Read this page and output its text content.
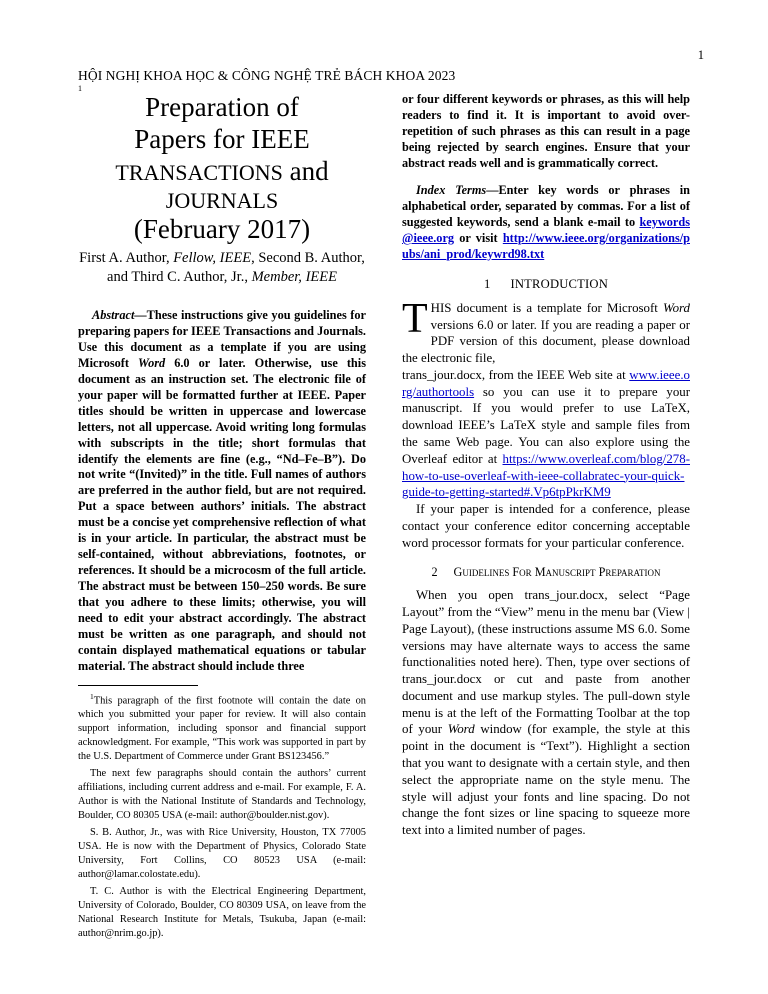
1
HỘI NGHỊ KHOA HỌC & CÔNG NGHỆ TRẺ BÁCH KHOA 2023
1
Preparation of
Papers for IEEE
TRANSACTIONS and
JOURNALS
(February 2017)
First A. Author, Fellow, IEEE, Second B. Author, and Third C. Author, Jr., Member, IEEE
Abstract—These instructions give you guidelines for preparing papers for IEEE Transactions and Journals. Use this document as a template if you are using Microsoft Word 6.0 or later. Otherwise, use this document as an instruction set. The electronic file of your paper will be formatted further at IEEE. Paper titles should be written in uppercase and lowercase letters, not all uppercase. Avoid writing long formulas with subscripts in the title; short formulas that identify the elements are fine (e.g., “Nd–Fe–B”). Do not write “(Invited)” in the title. Full names of authors are preferred in the author field, but are not required. Put a space between authors’ initials. The abstract must be a concise yet comprehensive reflection of what is in your article. In particular, the abstract must be self-contained, without abbreviations, footnotes, or references. It should be a microcosm of the full article. The abstract must be between 150–250 words. Be sure that you adhere to these limits; otherwise, you will need to edit your abstract accordingly. The abstract must be written as one paragraph, and should not contain displayed mathematical equations or tabular material. The abstract should include three

$^1$This paragraph of the first footnote will contain the date on which you submitted your paper for review. It will also contain support information, including sponsor and financial support acknowledgment. For example, “This work was supported in part by the U.S. Department of Commerce under Grant BS123456.”

The next few paragraphs should contain the authors’ current affiliations, including current address and e-mail. For example, F. A. Author is with the National Institute of Standards and Technology, Boulder, CO 80305 USA (e-mail: author@boulder.nist.gov).

S. B. Author, Jr., was with Rice University, Houston, TX 77005 USA. He is now with the Department of Physics, Colorado State University, Fort Collins, CO 80523 USA (e-mail: author@lamar.colostate.edu).

T. C. Author is with the Electrical Engineering Department, University of Colorado, Boulder, CO 80309 USA, on leave from the National Research Institute for Metals, Tsukuba, Japan (e-mail: author@nrim.go.jp).

or four different keywords or phrases, as this will help readers to find it. It is important to avoid over-repetition of such phrases as this can result in a page being rejected by search engines. Ensure that your abstract reads well and is grammatically correct.
Index Terms—Enter key words or phrases in alphabetical order, separated by commas. For a list of suggested keywords, send a blank e-mail to keywords@ieee.org or visit http://www.ieee.org/organizations/pubs/ani_prod/keywrd98.txt
1 INTRODUCTION
THIS document is a template for Microsoft Word versions 6.0 or later. If you are reading a paper or PDF version of this document, please download the electronic file,
trans_jour.docx, from the IEEE Web site at www.ieee.org/authortools so you can use it to prepare your manuscript. If you would prefer to use LaTeX, download IEEE’s LaTeX style and sample files from the same Web page. You can also explore using the Overleaf editor at https://www.overleaf.com/blog/278-how-to-use-overleaf-with-ieee-collabratec-your-quick-guide-to-getting-started#.Vp6tpPkrKM9
If your paper is intended for a conference, please contact your conference editor concerning acceptable word processor formats for your particular conference.
2 Guidelines For Manuscript Preparation
When you open trans_jour.docx, select “Page Layout” from the “View” menu in the menu bar (View | Page Layout), (these instructions assume MS 6.0. Some versions may have alternate ways to access the same functionalities noted here). Then, type over sections of trans_jour.docx or cut and paste from another document and use markup styles. The pull-down style menu is at the left of the Formatting Toolbar at the top of your Word window (for example, the style at this point in the document is “Text”). Highlight a section that you want to designate with a certain style, and then select the appropriate name on the style menu. The style will adjust your fonts and line spacing. Do not change the font sizes or line spacing to squeeze more text into a limited number of pages.
